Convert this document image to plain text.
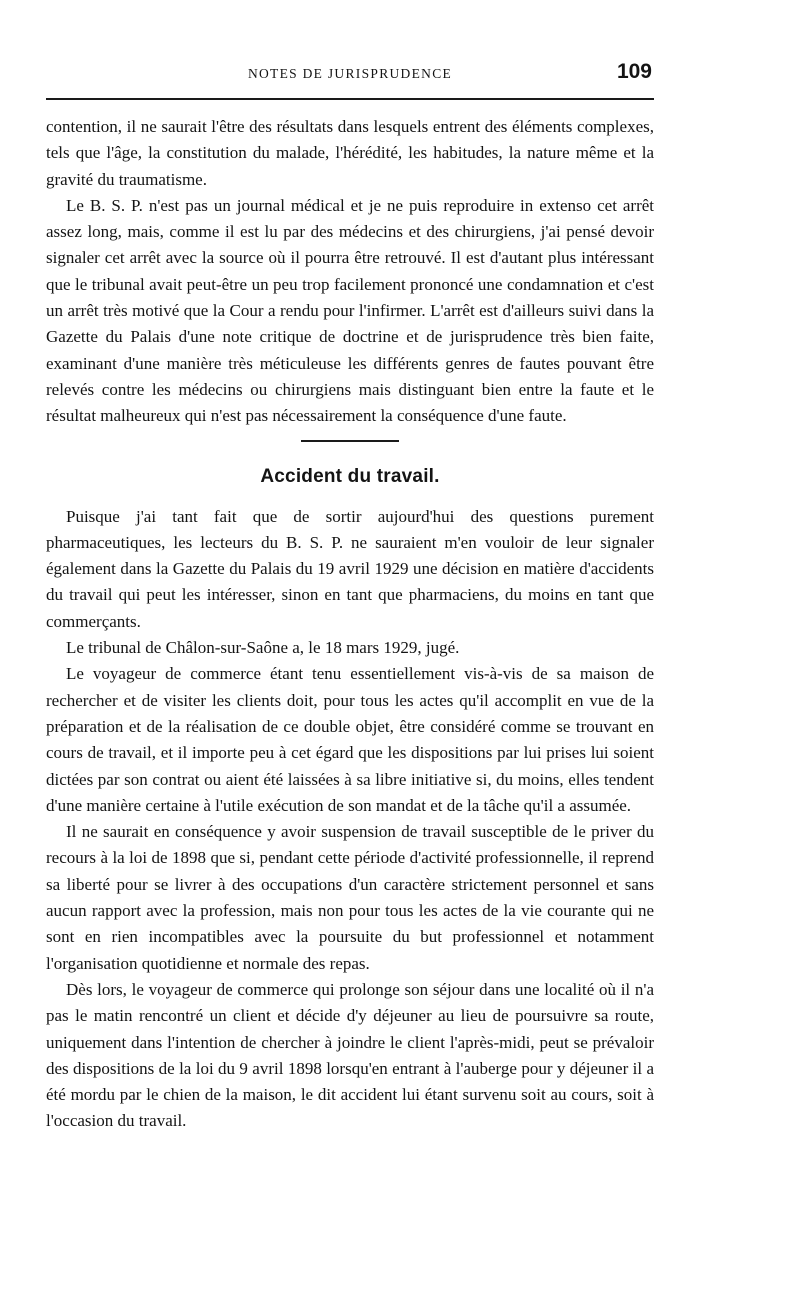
NOTES DE JURISPRUDENCE	109

contention, il ne saurait l'être des résultats dans lesquels entrent des éléments complexes, tels que l'âge, la constitution du malade, l'hérédité, les habitudes, la nature même et la gravité du traumatisme.

Le B. S. P. n'est pas un journal médical et je ne puis reproduire in extenso cet arrêt assez long, mais, comme il est lu par des médecins et des chirurgiens, j'ai pensé devoir signaler cet arrêt avec la source où il pourra être retrouvé. Il est d'autant plus intéressant que le tribunal avait peut-être un peu trop facilement prononcé une condamnation et c'est un arrêt très motivé que la Cour a rendu pour l'infirmer. L'arrêt est d'ailleurs suivi dans la Gazette du Palais d'une note critique de doctrine et de jurisprudence très bien faite, examinant d'une manière très méticuleuse les différents genres de fautes pouvant être relevés contre les médecins ou chirurgiens mais distinguant bien entre la faute et le résultat malheureux qui n'est pas nécessairement la conséquence d'une faute.

Accident du travail.

Puisque j'ai tant fait que de sortir aujourd'hui des questions purement pharmaceutiques, les lecteurs du B. S. P. ne sauraient m'en vouloir de leur signaler également dans la Gazette du Palais du 19 avril 1929 une décision en matière d'accidents du travail qui peut les intéresser, sinon en tant que pharmaciens, du moins en tant que commerçants.

Le tribunal de Châlon-sur-Saône a, le 18 mars 1929, jugé.

Le voyageur de commerce étant tenu essentiellement vis-à-vis de sa maison de rechercher et de visiter les clients doit, pour tous les actes qu'il accomplit en vue de la préparation et de la réalisation de ce double objet, être considéré comme se trouvant en cours de travail, et il importe peu à cet égard que les dispositions par lui prises lui soient dictées par son contrat ou aient été laissées à sa libre initiative si, du moins, elles tendent d'une manière certaine à l'utile exécution de son mandat et de la tâche qu'il a assumée.

Il ne saurait en conséquence y avoir suspension de travail susceptible de le priver du recours à la loi de 1898 que si, pendant cette période d'activité professionnelle, il reprend sa liberté pour se livrer à des occupations d'un caractère strictement personnel et sans aucun rapport avec la profession, mais non pour tous les actes de la vie courante qui ne sont en rien incompatibles avec la poursuite du but professionnel et notamment l'organisation quotidienne et normale des repas.

Dès lors, le voyageur de commerce qui prolonge son séjour dans une localité où il n'a pas le matin rencontré un client et décide d'y déjeuner au lieu de poursuivre sa route, uniquement dans l'intention de chercher à joindre le client l'après-midi, peut se prévaloir des dispositions de la loi du 9 avril 1898 lorsqu'en entrant à l'auberge pour y déjeuner il a été mordu par le chien de la maison, le dit accident lui étant survenu soit au cours, soit à l'occasion du travail.
